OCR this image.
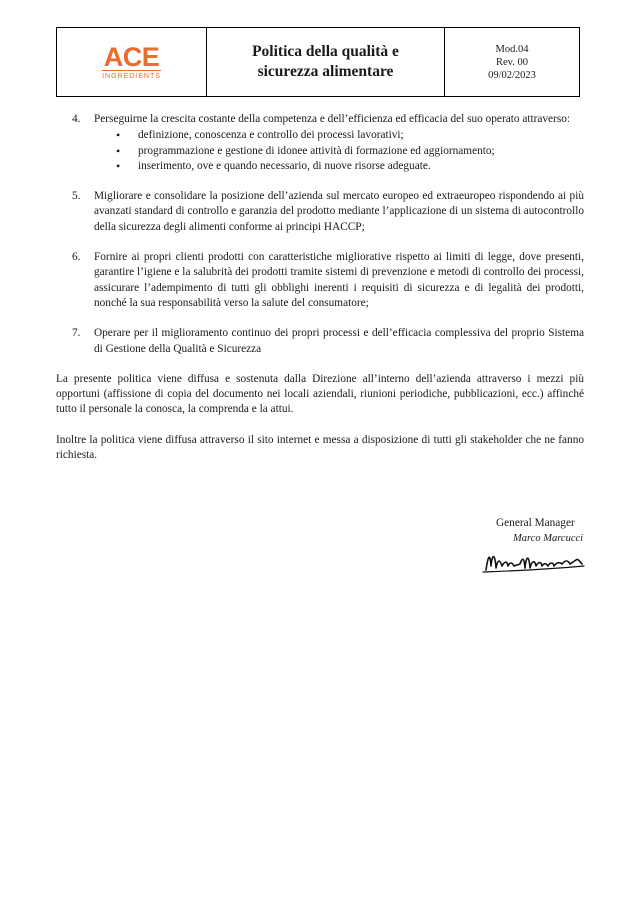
ACE
INGREDIENTS
Politica della qualità e
sicurezza alimentare
Mod.04
Rev. 00
09/02/2023
4.	Perseguirne la crescita costante della competenza e dell’efficienza ed efficacia del suo operato attraverso:
• definizione, conoscenza e controllo dei processi lavorativi;
• programmazione e gestione di idonee attività di formazione ed aggiornamento;
• inserimento, ove e quando necessario, di nuove risorse adeguate.
5.	Migliorare e consolidare la posizione dell’azienda sul mercato europeo ed extraeuropeo rispondendo ai più avanzati standard di controllo e garanzia del prodotto mediante l’applicazione di un sistema di autocontrollo della sicurezza degli alimenti conforme ai principi HACCP;
6.	Fornire ai propri clienti prodotti con caratteristiche migliorative rispetto ai limiti di legge, dove presenti, garantire l’igiene e la salubrità dei prodotti tramite sistemi di prevenzione e metodi di controllo dei processi, assicurare l’adempimento di tutti gli obblighi inerenti i requisiti di sicurezza e di legalità dei prodotti, nonché la sua responsabilità verso la salute del consumatore;
7.	Operare per il miglioramento continuo dei propri processi e dell’efficacia complessiva del proprio Sistema di Gestione della Qualità e Sicurezza
La presente politica viene diffusa e sostenuta dalla Direzione all’interno dell’azienda attraverso i mezzi più opportuni (affissione di copia del documento nei locali aziendali, riunioni periodiche, pubblicazioni, ecc.) affinché tutto il personale la conosca, la comprenda e la attui.
Inoltre la politica viene diffusa attraverso il sito internet e messa a disposizione di tutti gli stakeholder che ne fanno richiesta.
General Manager
Marco Marcucci
